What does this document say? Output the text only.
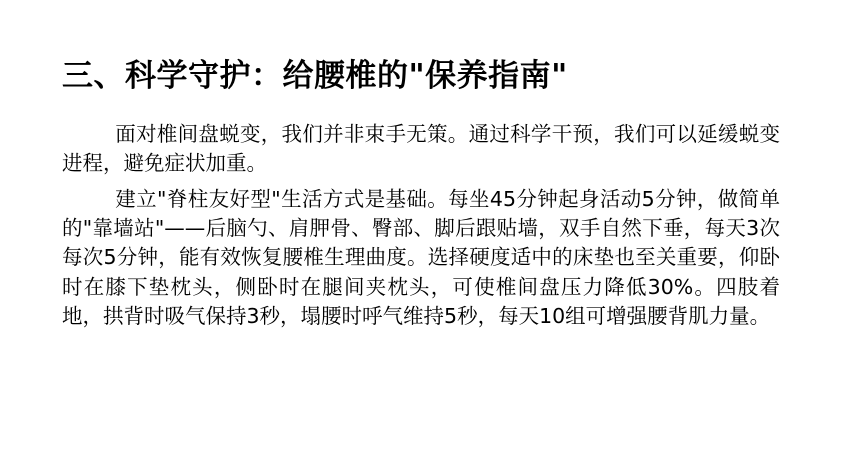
三、科学守护：给腰椎的"保养指南"

面对椎间盘蜕变，我们并非束手无策。通过科学干预，我们可以延缓蜕变进程，避免症状加重。

建立"脊柱友好型"生活方式是基础。每坐45分钟起身活动5分钟，做简单的"靠墙站"——后脑勺、肩胛骨、臀部、脚后跟贴墙，双手自然下垂，每天3次每次5分钟，能有效恢复腰椎生理曲度。选择硬度适中的床垫也至关重要，仰卧时在膝下垫枕头，侧卧时在腿间夹枕头，可使椎间盘压力降低30%。四肢着地，拱背时吸气保持3秒，塌腰时呼气维持5秒，每天10组可增强腰背肌力量。
